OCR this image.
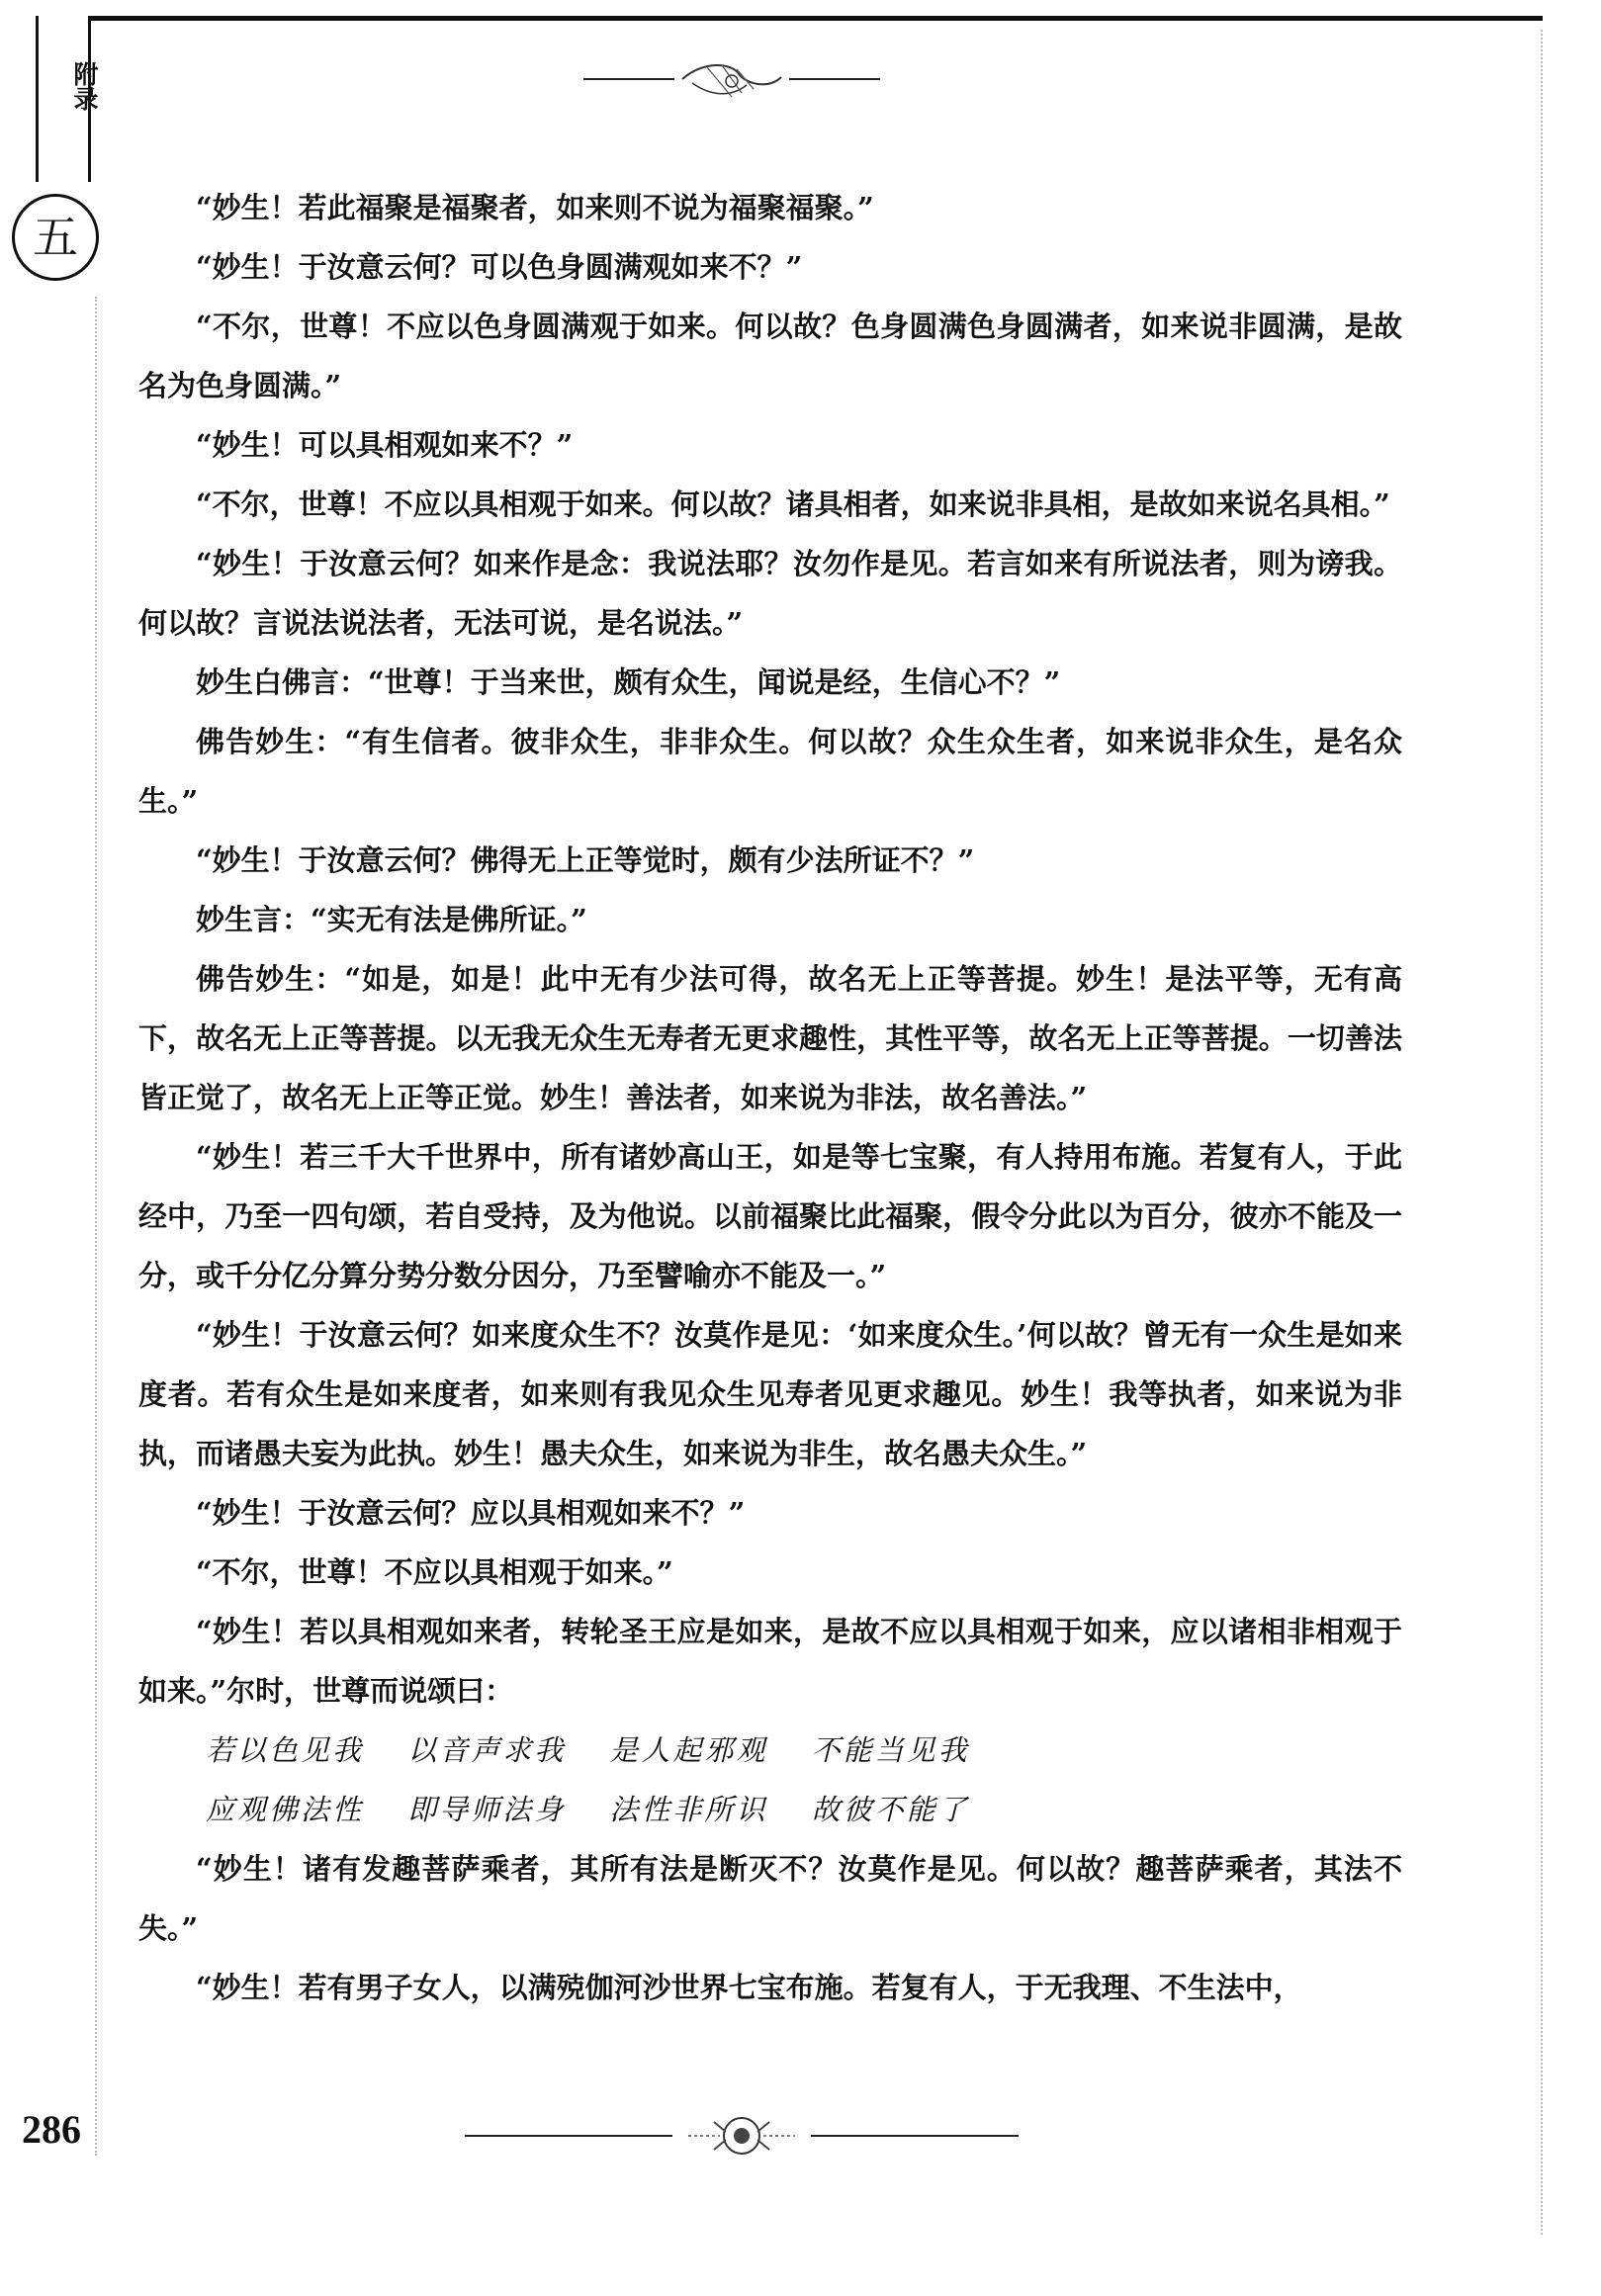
附录
五

“妙生！若此福聚是福聚者，如来则不说为福聚福聚。”

“妙生！于汝意云何？可以色身圆满观如来不？”

“不尔，世尊！不应以色身圆满观于如来。何以故？色身圆满色身圆满者，如来说非圆满，是故名为色身圆满。”

“妙生！可以具相观如来不？”

“不尔，世尊！不应以具相观于如来。何以故？诸具相者，如来说非具相，是故如来说名具相。”

“妙生！于汝意云何？如来作是念：我说法耶？汝勿作是见。若言如来有所说法者，则为谤我。何以故？言说法说法者，无法可说，是名说法。”

妙生白佛言：“世尊！于当来世，颇有众生，闻说是经，生信心不？”

佛告妙生：“有生信者。彼非众生，非非众生。何以故？众生众生者，如来说非众生，是名众生。”

“妙生！于汝意云何？佛得无上正等觉时，颇有少法所证不？”

妙生言：“实无有法是佛所证。”

佛告妙生：“如是，如是！此中无有少法可得，故名无上正等菩提。妙生！是法平等，无有高下，故名无上正等菩提。以无我无众生无寿者无更求趣性，其性平等，故名无上正等菩提。一切善法皆正觉了，故名无上正等正觉。妙生！善法者，如来说为非法，故名善法。”

“妙生！若三千大千世界中，所有诸妙高山王，如是等七宝聚，有人持用布施。若复有人，于此经中，乃至一四句颂，若自受持，及为他说。以前福聚比此福聚，假令分此以为百分，彼亦不能及一分，或千分亿分算分势分数分因分，乃至譬喻亦不能及一。”

“妙生！于汝意云何？如来度众生不？汝莫作是见：‘如来度众生。’何以故？曾无有一众生是如来度者。若有众生是如来度者，如来则有我见众生见寿者见更求趣见。妙生！我等执者，如来说为非执，而诸愚夫妄为此执。妙生！愚夫众生，如来说为非生，故名愚夫众生。”

“妙生！于汝意云何？应以具相观如来不？”

“不尔，世尊！不应以具相观于如来。”

“妙生！若以具相观如来者，转轮圣王应是如来，是故不应以具相观于如来，应以诸相非相观于如来。”尔时，世尊而说颂曰：

若以色见我　 以音声求我　 是人起邪观　 不能当见我
应观佛法性　 即导师法身　 法性非所识　 故彼不能了

“妙生！诸有发趣菩萨乘者，其所有法是断灭不？汝莫作是见。何以故？趣菩萨乘者，其法不失。”

“妙生！若有男子女人，以满殑伽河沙世界七宝布施。若复有人，于无我理、不生法中，

286
